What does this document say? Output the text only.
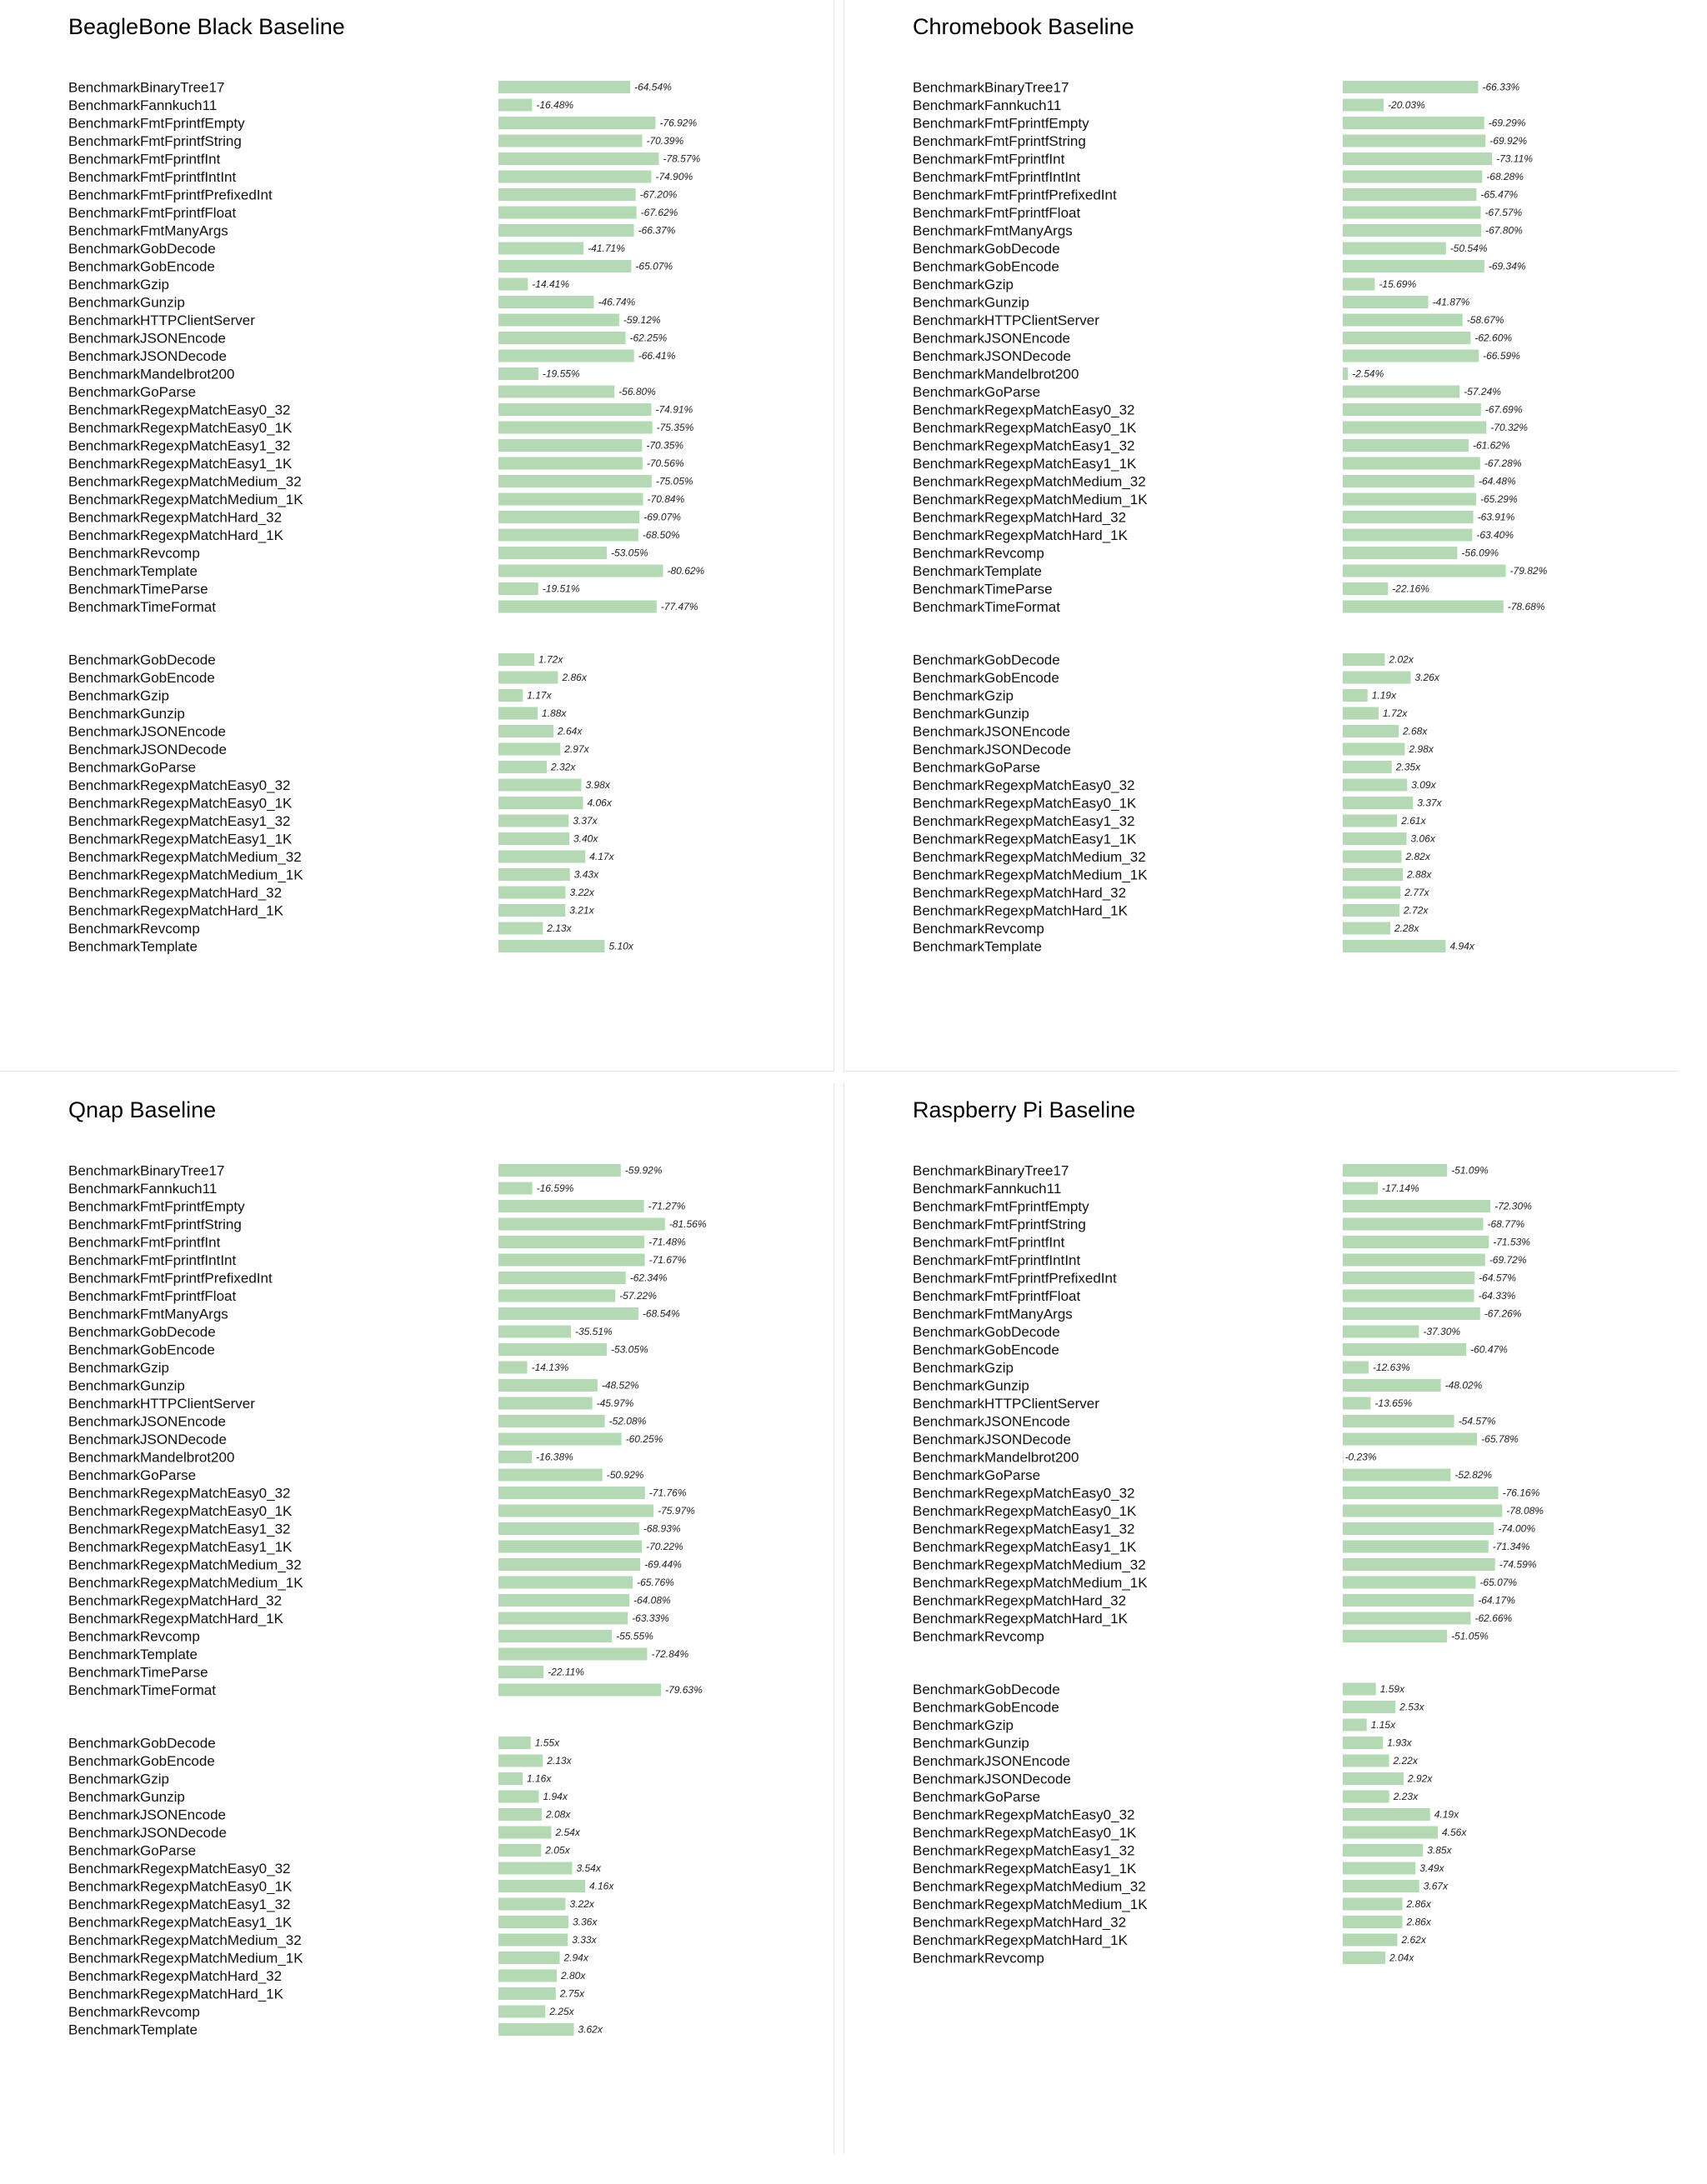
BeagleBone Black Baseline
BenchmarkBinaryTree17	-64.54%
BenchmarkFannkuch11	-16.48%
BenchmarkFmtFprintfEmpty	-76.92%
BenchmarkFmtFprintfString	-70.39%
BenchmarkFmtFprintfInt	-78.57%
BenchmarkFmtFprintfIntInt	-74.90%
BenchmarkFmtFprintfPrefixedInt	-67.20%
BenchmarkFmtFprintfFloat	-67.62%
BenchmarkFmtManyArgs	-66.37%
BenchmarkGobDecode	-41.71%
BenchmarkGobEncode	-65.07%
BenchmarkGzip	-14.41%
BenchmarkGunzip	-46.74%
BenchmarkHTTPClientServer	-59.12%
BenchmarkJSONEncode	-62.25%
BenchmarkJSONDecode	-66.41%
BenchmarkMandelbrot200	-19.55%
BenchmarkGoParse	-56.80%
BenchmarkRegexpMatchEasy0_32	-74.91%
BenchmarkRegexpMatchEasy0_1K	-75.35%
BenchmarkRegexpMatchEasy1_32	-70.35%
BenchmarkRegexpMatchEasy1_1K	-70.56%
BenchmarkRegexpMatchMedium_32	-75.05%
BenchmarkRegexpMatchMedium_1K	-70.84%
BenchmarkRegexpMatchHard_32	-69.07%
BenchmarkRegexpMatchHard_1K	-68.50%
BenchmarkRevcomp	-53.05%
BenchmarkTemplate	-80.62%
BenchmarkTimeParse	-19.51%
BenchmarkTimeFormat	-77.47%
BenchmarkGobDecode	1.72x
BenchmarkGobEncode	2.86x
BenchmarkGzip	1.17x
BenchmarkGunzip	1.88x
BenchmarkJSONEncode	2.64x
BenchmarkJSONDecode	2.97x
BenchmarkGoParse	2.32x
BenchmarkRegexpMatchEasy0_32	3.98x
BenchmarkRegexpMatchEasy0_1K	4.06x
BenchmarkRegexpMatchEasy1_32	3.37x
BenchmarkRegexpMatchEasy1_1K	3.40x
BenchmarkRegexpMatchMedium_32	4.17x
BenchmarkRegexpMatchMedium_1K	3.43x
BenchmarkRegexpMatchHard_32	3.22x
BenchmarkRegexpMatchHard_1K	3.21x
BenchmarkRevcomp	2.13x
BenchmarkTemplate	5.10x
Chromebook Baseline
BenchmarkBinaryTree17	-66.33%
BenchmarkFannkuch11	-20.03%
BenchmarkFmtFprintfEmpty	-69.29%
BenchmarkFmtFprintfString	-69.92%
BenchmarkFmtFprintfInt	-73.11%
BenchmarkFmtFprintfIntInt	-68.28%
BenchmarkFmtFprintfPrefixedInt	-65.47%
BenchmarkFmtFprintfFloat	-67.57%
BenchmarkFmtManyArgs	-67.80%
BenchmarkGobDecode	-50.54%
BenchmarkGobEncode	-69.34%
BenchmarkGzip	-15.69%
BenchmarkGunzip	-41.87%
BenchmarkHTTPClientServer	-58.67%
BenchmarkJSONEncode	-62.60%
BenchmarkJSONDecode	-66.59%
BenchmarkMandelbrot200	-2.54%
BenchmarkGoParse	-57.24%
BenchmarkRegexpMatchEasy0_32	-67.69%
BenchmarkRegexpMatchEasy0_1K	-70.32%
BenchmarkRegexpMatchEasy1_32	-61.62%
BenchmarkRegexpMatchEasy1_1K	-67.28%
BenchmarkRegexpMatchMedium_32	-64.48%
BenchmarkRegexpMatchMedium_1K	-65.29%
BenchmarkRegexpMatchHard_32	-63.91%
BenchmarkRegexpMatchHard_1K	-63.40%
BenchmarkRevcomp	-56.09%
BenchmarkTemplate	-79.82%
BenchmarkTimeParse	-22.16%
BenchmarkTimeFormat	-78.68%
BenchmarkGobDecode	2.02x
BenchmarkGobEncode	3.26x
BenchmarkGzip	1.19x
BenchmarkGunzip	1.72x
BenchmarkJSONEncode	2.68x
BenchmarkJSONDecode	2.98x
BenchmarkGoParse	2.35x
BenchmarkRegexpMatchEasy0_32	3.09x
BenchmarkRegexpMatchEasy0_1K	3.37x
BenchmarkRegexpMatchEasy1_32	2.61x
BenchmarkRegexpMatchEasy1_1K	3.06x
BenchmarkRegexpMatchMedium_32	2.82x
BenchmarkRegexpMatchMedium_1K	2.88x
BenchmarkRegexpMatchHard_32	2.77x
BenchmarkRegexpMatchHard_1K	2.72x
BenchmarkRevcomp	2.28x
BenchmarkTemplate	4.94x
Qnap Baseline
BenchmarkBinaryTree17	-59.92%
BenchmarkFannkuch11	-16.59%
BenchmarkFmtFprintfEmpty	-71.27%
BenchmarkFmtFprintfString	-81.56%
BenchmarkFmtFprintfInt	-71.48%
BenchmarkFmtFprintfIntInt	-71.67%
BenchmarkFmtFprintfPrefixedInt	-62.34%
BenchmarkFmtFprintfFloat	-57.22%
BenchmarkFmtManyArgs	-68.54%
BenchmarkGobDecode	-35.51%
BenchmarkGobEncode	-53.05%
BenchmarkGzip	-14.13%
BenchmarkGunzip	-48.52%
BenchmarkHTTPClientServer	-45.97%
BenchmarkJSONEncode	-52.08%
BenchmarkJSONDecode	-60.25%
BenchmarkMandelbrot200	-16.38%
BenchmarkGoParse	-50.92%
BenchmarkRegexpMatchEasy0_32	-71.76%
BenchmarkRegexpMatchEasy0_1K	-75.97%
BenchmarkRegexpMatchEasy1_32	-68.93%
BenchmarkRegexpMatchEasy1_1K	-70.22%
BenchmarkRegexpMatchMedium_32	-69.44%
BenchmarkRegexpMatchMedium_1K	-65.76%
BenchmarkRegexpMatchHard_32	-64.08%
BenchmarkRegexpMatchHard_1K	-63.33%
BenchmarkRevcomp	-55.55%
BenchmarkTemplate	-72.84%
BenchmarkTimeParse	-22.11%
BenchmarkTimeFormat	-79.63%
BenchmarkGobDecode	1.55x
BenchmarkGobEncode	2.13x
BenchmarkGzip	1.16x
BenchmarkGunzip	1.94x
BenchmarkJSONEncode	2.08x
BenchmarkJSONDecode	2.54x
BenchmarkGoParse	2.05x
BenchmarkRegexpMatchEasy0_32	3.54x
BenchmarkRegexpMatchEasy0_1K	4.16x
BenchmarkRegexpMatchEasy1_32	3.22x
BenchmarkRegexpMatchEasy1_1K	3.36x
BenchmarkRegexpMatchMedium_32	3.33x
BenchmarkRegexpMatchMedium_1K	2.94x
BenchmarkRegexpMatchHard_32	2.80x
BenchmarkRegexpMatchHard_1K	2.75x
BenchmarkRevcomp	2.25x
BenchmarkTemplate	3.62x
Raspberry Pi Baseline
BenchmarkBinaryTree17	-51.09%
BenchmarkFannkuch11	-17.14%
BenchmarkFmtFprintfEmpty	-72.30%
BenchmarkFmtFprintfString	-68.77%
BenchmarkFmtFprintfInt	-71.53%
BenchmarkFmtFprintfIntInt	-69.72%
BenchmarkFmtFprintfPrefixedInt	-64.57%
BenchmarkFmtFprintfFloat	-64.33%
BenchmarkFmtManyArgs	-67.26%
BenchmarkGobDecode	-37.30%
BenchmarkGobEncode	-60.47%
BenchmarkGzip	-12.63%
BenchmarkGunzip	-48.02%
BenchmarkHTTPClientServer	-13.65%
BenchmarkJSONEncode	-54.57%
BenchmarkJSONDecode	-65.78%
BenchmarkMandelbrot200	-0.23%
BenchmarkGoParse	-52.82%
BenchmarkRegexpMatchEasy0_32	-76.16%
BenchmarkRegexpMatchEasy0_1K	-78.08%
BenchmarkRegexpMatchEasy1_32	-74.00%
BenchmarkRegexpMatchEasy1_1K	-71.34%
BenchmarkRegexpMatchMedium_32	-74.59%
BenchmarkRegexpMatchMedium_1K	-65.07%
BenchmarkRegexpMatchHard_32	-64.17%
BenchmarkRegexpMatchHard_1K	-62.66%
BenchmarkRevcomp	-51.05%
BenchmarkGobDecode	1.59x
BenchmarkGobEncode	2.53x
BenchmarkGzip	1.15x
BenchmarkGunzip	1.93x
BenchmarkJSONEncode	2.22x
BenchmarkJSONDecode	2.92x
BenchmarkGoParse	2.23x
BenchmarkRegexpMatchEasy0_32	4.19x
BenchmarkRegexpMatchEasy0_1K	4.56x
BenchmarkRegexpMatchEasy1_32	3.85x
BenchmarkRegexpMatchEasy1_1K	3.49x
BenchmarkRegexpMatchMedium_32	3.67x
BenchmarkRegexpMatchMedium_1K	2.86x
BenchmarkRegexpMatchHard_32	2.86x
BenchmarkRegexpMatchHard_1K	2.62x
BenchmarkRevcomp	2.04x
